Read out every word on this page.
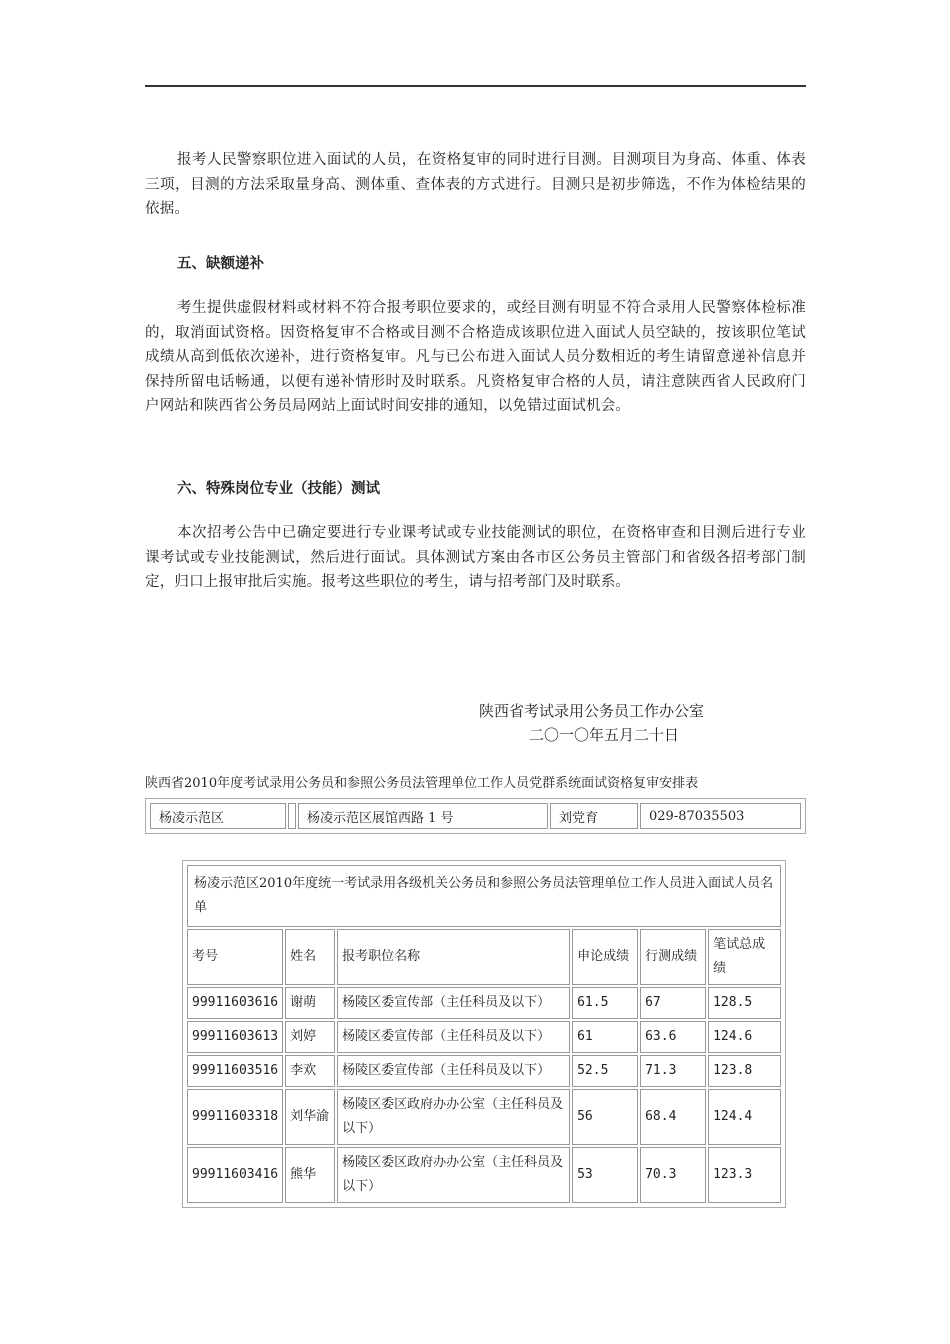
报考人民警察职位进入面试的人员，在资格复审的同时进行目测。目测项目为身高、体重、体表三项，目测的方法采取量身高、测体重、查体表的方式进行。目测只是初步筛选，不作为体检结果的依据。

五、缺额递补

考生提供虚假材料或材料不符合报考职位要求的，或经目测有明显不符合录用人民警察体检标准的，取消面试资格。因资格复审不合格或目测不合格造成该职位进入面试人员空缺的，按该职位笔试成绩从高到低依次递补，进行资格复审。凡与已公布进入面试人员分数相近的考生请留意递补信息并保持所留电话畅通，以便有递补情形时及时联系。凡资格复审合格的人员，请注意陕西省人民政府门户网站和陕西省公务员局网站上面试时间安排的通知，以免错过面试机会。

六、特殊岗位专业（技能）测试

本次招考公告中已确定要进行专业课考试或专业技能测试的职位，在资格审查和目测后进行专业课考试或专业技能测试，然后进行面试。具体测试方案由各市区公务员主管部门和省级各招考部门制定，归口上报审批后实施。报考这些职位的考生，请与招考部门及时联系。

陕西省考试录用公务员工作办公室

二〇一〇年五月二十日

陕西省2010年度考试录用公务员和参照公务员法管理单位工作人员党群系统面试资格复审安排表

杨凌示范区		杨凌示范区展馆西路 1 号	刘党育	029-87035503
杨凌示范区2010年度统一考试录用各级机关公务员和参照公务员法管理单位工作人员进入面试人员名单					
考号	姓名	报考职位名称	申论成绩	行测成绩	笔试总成绩
99911603616	谢萌	杨陵区委宣传部（主任科员及以下）	61.5	67	128.5
99911603613	刘婷	杨陵区委宣传部（主任科员及以下）	61	63.6	124.6
99911603516	李欢	杨陵区委宣传部（主任科员及以下）	52.5	71.3	123.8
99911603318	刘华渝	杨陵区委区政府办办公室（主任科员及以下）	56	68.4	124.4
99911603416	熊华	杨陵区委区政府办办公室（主任科员及以下）	53	70.3	123.3
